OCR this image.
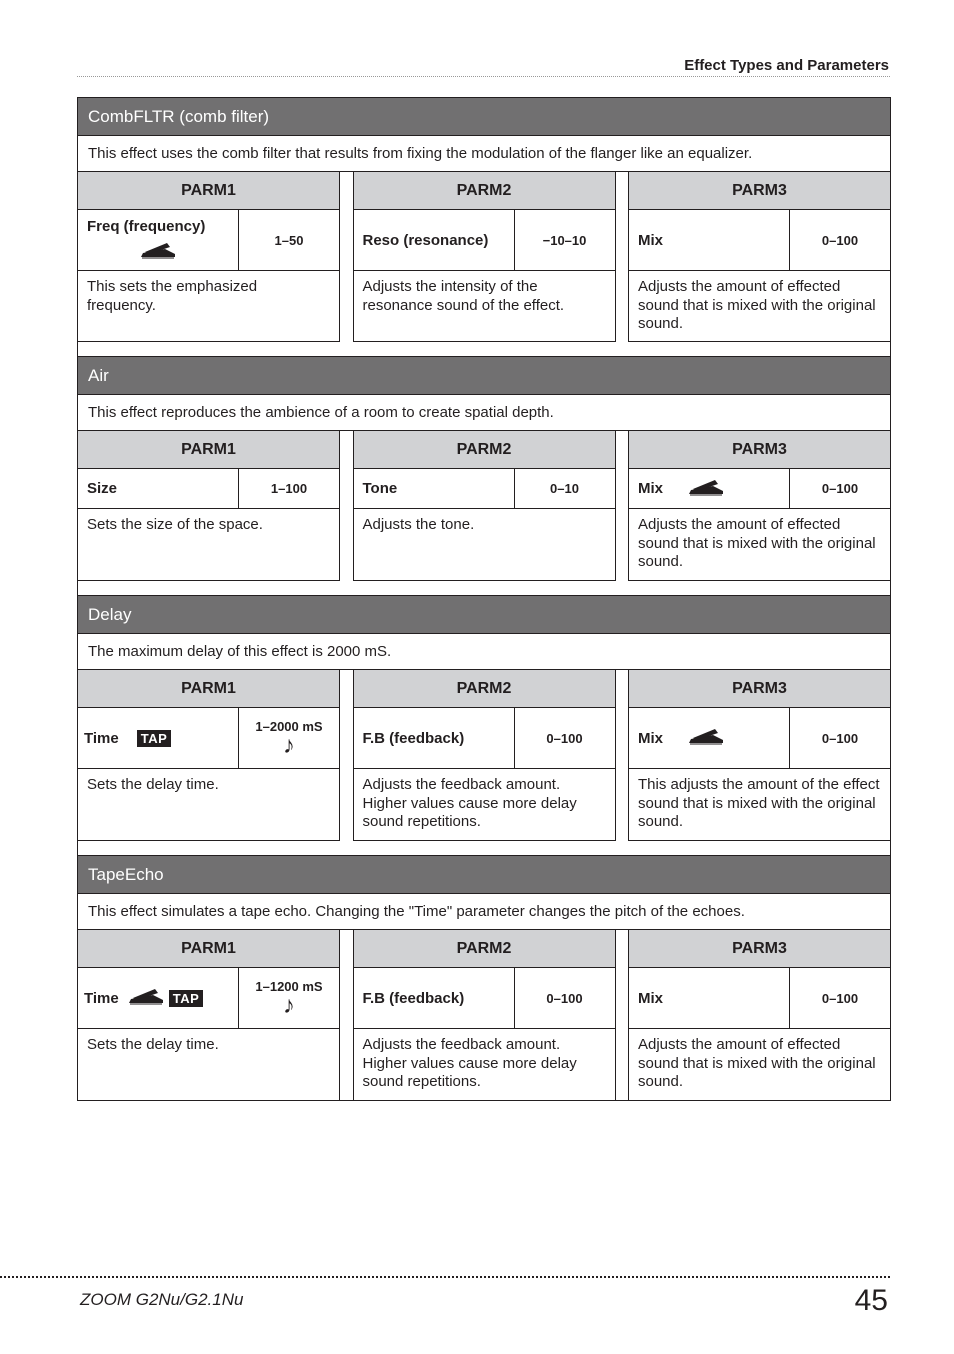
Effect Types and Parameters
CombFLTR (comb filter)
This effect uses the comb filter that results from fixing the modulation of the flanger like an equalizer.
PARM1
Freq (frequency)
1–50
This sets the emphasized frequency.
PARM2
Reso (resonance)	−10–10
Adjusts the intensity of the resonance sound of the effect.
PARM3
Mix	0–100
Adjusts the amount of effected sound that is mixed with the original sound.
Air
This effect reproduces the ambience of a room to create spatial depth.
PARM1
Size	1–100
Sets the size of the space.
PARM2
Tone	0–10
Adjusts the tone.
PARM3
Mix	0–100
Adjusts the amount of effected sound that is mixed with the original sound.
Delay
The maximum delay of this effect is 2000 mS.
PARM1
Time	TAP
1–2000 mS
♪
Sets the delay time.
PARM2
F.B (feedback)	0–100
Adjusts the feedback amount. Higher values cause more delay sound repetitions.
PARM3
Mix	0–100
This adjusts the amount of the effect sound that is mixed with the original sound.
TapeEcho
This effect simulates a tape echo. Changing the "Time" parameter changes the pitch of the echoes.
PARM1
Time	TAP
1–1200 mS
♪
Sets the delay time.
PARM2
F.B (feedback)	0–100
Adjusts the feedback amount. Higher values cause more delay sound repetitions.
PARM3
Mix	0–100
Adjusts the amount of effected sound that is mixed with the original sound.
ZOOM G2Nu/G2.1Nu	45
